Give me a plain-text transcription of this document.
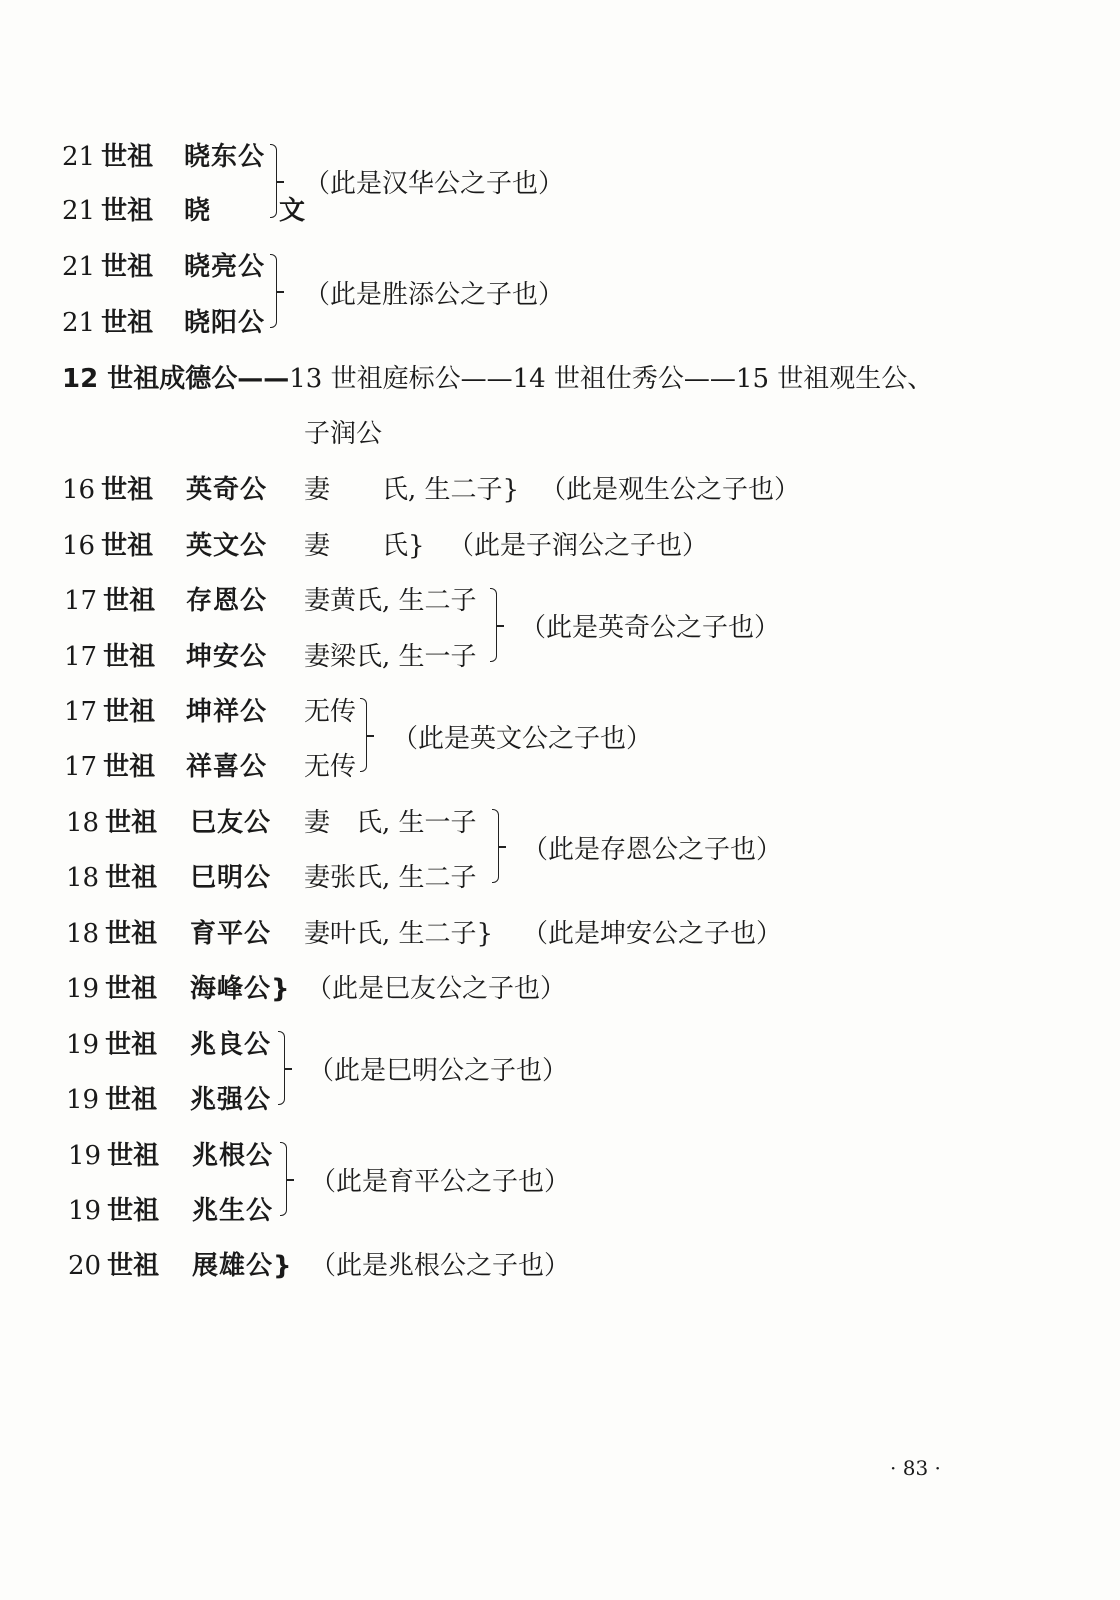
21 世祖 晓东公
21 世祖 晓 文
（此是汉华公之子也）
21 世祖 晓亮公
21 世祖 晓阳公
（此是胜添公之子也）
12 世祖成德公——13 世祖庭标公——14 世祖仕秀公——15 世祖观生公、
子润公
16 世祖 英奇公 妻　　氏, 生二子} （此是观生公之子也）
16 世祖 英文公 妻　　氏} （此是子润公之子也）
17 世祖 存恩公 妻黄氏, 生二子
17 世祖 坤安公 妻梁氏, 生一子
（此是英奇公之子也）
17 世祖 坤祥公 无传
17 世祖 祥喜公 无传
（此是英文公之子也）
18 世祖 巳友公 妻　氏, 生一子
18 世祖 巳明公 妻张氏, 生二子
（此是存恩公之子也）
18 世祖 育平公 妻叶氏, 生二子} （此是坤安公之子也）
19 世祖 海峰公} （此是巳友公之子也）
19 世祖 兆良公
19 世祖 兆强公
（此是巳明公之子也）
19 世祖 兆根公
19 世祖 兆生公
（此是育平公之子也）
20 世祖 展雄公} （此是兆根公之子也）
· 83 ·
